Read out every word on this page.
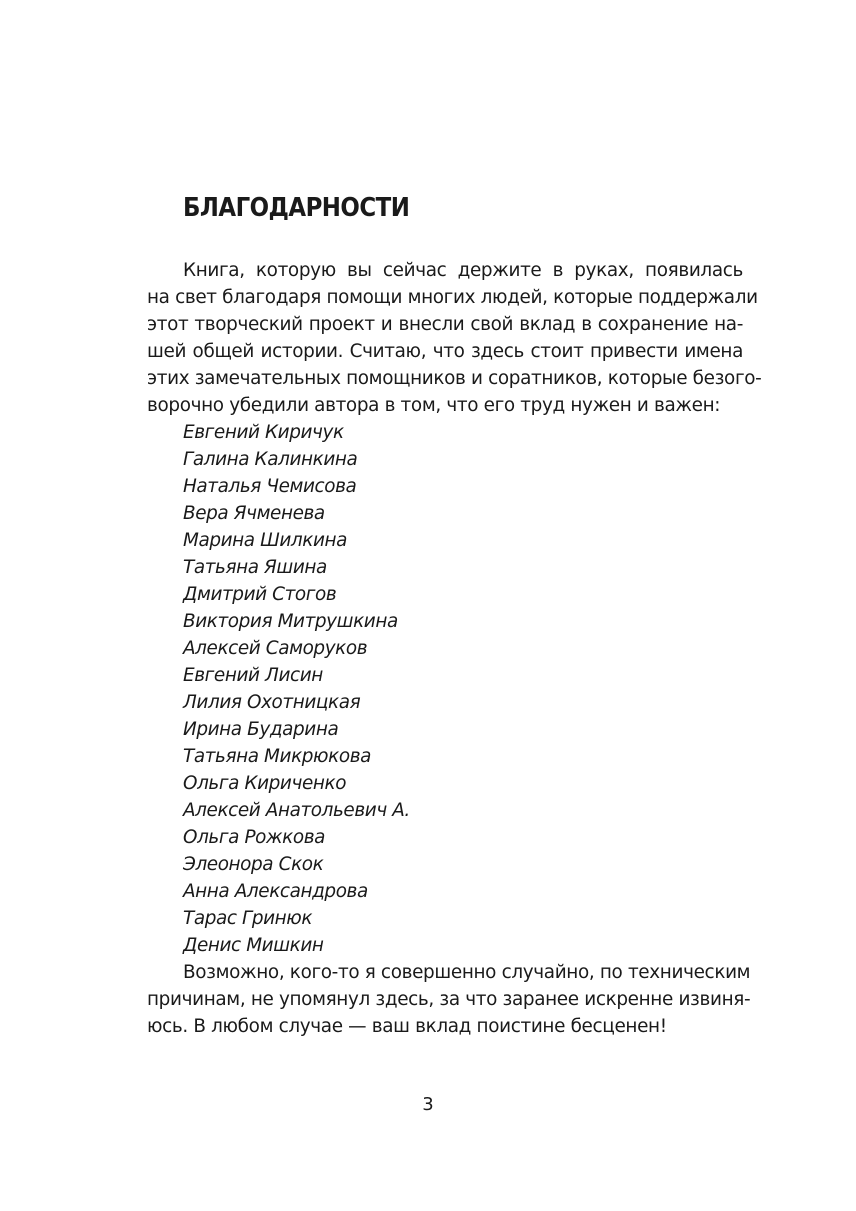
БЛАГОДАРНОСТИ
Книга, которую вы сейчас держите в руках, появилась
на свет благодаря помощи многих людей, которые поддержали
этот творческий проект и внесли свой вклад в сохранение на-
шей общей истории. Считаю, что здесь стоит привести имена
этих замечательных помощников и соратников, которые безого-
ворочно убедили автора в том, что его труд нужен и важен:
Евгений Киричук
Галина Калинкина
Наталья Чемисова
Вера Ячменева
Марина Шилкина
Татьяна Яшина
Дмитрий Стогов
Виктория Митрушкина
Алексей Саморуков
Евгений Лисин
Лилия Охотницкая
Ирина Бударина
Татьяна Микрюкова
Ольга Кириченко
Алексей Анатольевич А.
Ольга Рожкова
Элеонора Скок
Анна Александрова
Тарас Гринюк
Денис Мишкин
Возможно, кого-то я совершенно случайно, по техническим
причинам, не упомянул здесь, за что заранее искренне извиня-
юсь. В любом случае — ваш вклад поистине бесценен!
3
